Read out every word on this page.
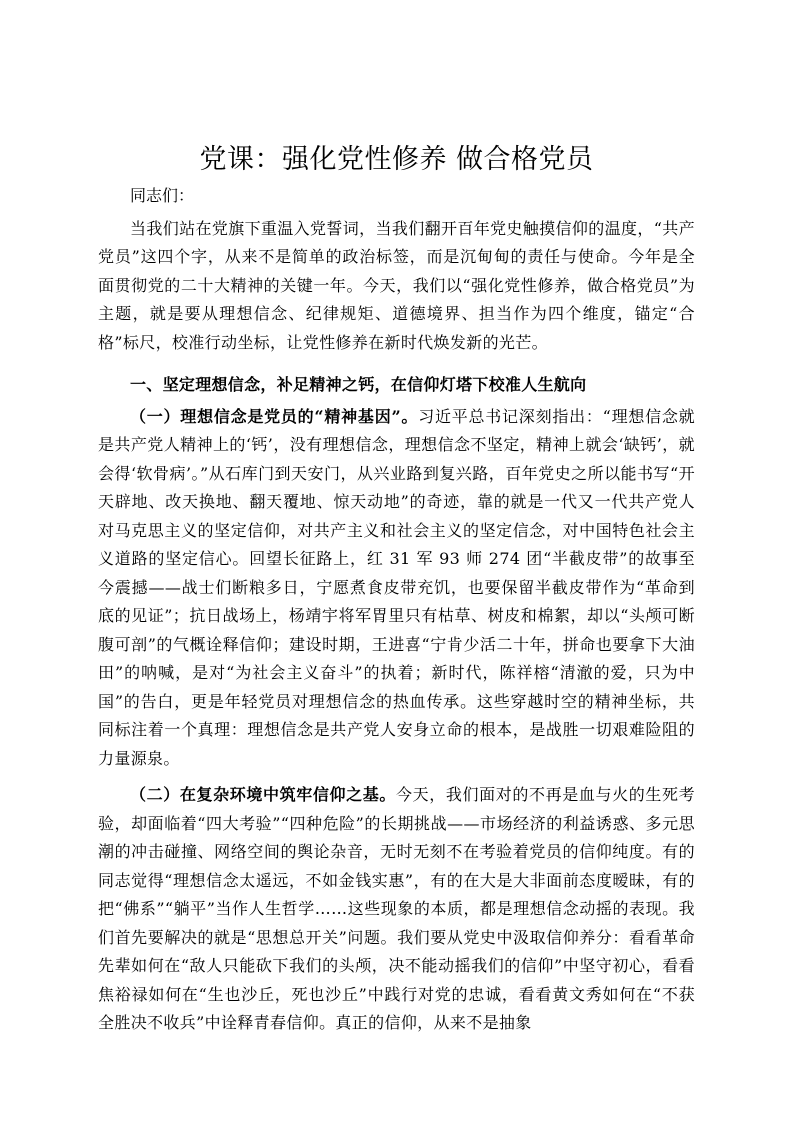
党课：强化党性修养 做合格党员

同志们：

当我们站在党旗下重温入党誓词，当我们翻开百年党史触摸信仰的温度，“共产党员”这四个字，从来不是简单的政治标签，而是沉甸甸的责任与使命。今年是全面贯彻党的二十大精神的关键一年。今天，我们以“强化党性修养，做合格党员”为主题，就是要从理想信念、纪律规矩、道德境界、担当作为四个维度，锚定“合格”标尺，校准行动坐标，让党性修养在新时代焕发新的光芒。

一、坚定理想信念，补足精神之钙，在信仰灯塔下校准人生航向

（一）理想信念是党员的“精神基因”。习近平总书记深刻指出：“理想信念就是共产党人精神上的‘钙’，没有理想信念，理想信念不坚定，精神上就会‘缺钙’，就会得‘软骨病’。”从石库门到天安门，从兴业路到复兴路，百年党史之所以能书写“开天辟地、改天换地、翻天覆地、惊天动地”的奇迹，靠的就是一代又一代共产党人对马克思主义的坚定信仰，对共产主义和社会主义的坚定信念，对中国特色社会主义道路的坚定信心。回望长征路上，红 31 军 93 师 274 团“半截皮带”的故事至今震撼——战士们断粮多日，宁愿煮食皮带充饥，也要保留半截皮带作为“革命到底的见证”；抗日战场上，杨靖宇将军胃里只有枯草、树皮和棉絮，却以“头颅可断腹可剖”的气概诠释信仰；建设时期，王进喜“宁肯少活二十年，拼命也要拿下大油田”的呐喊，是对“为社会主义奋斗”的执着；新时代，陈祥榕“清澈的爱，只为中国”的告白，更是年轻党员对理想信念的热血传承。这些穿越时空的精神坐标，共同标注着一个真理：理想信念是共产党人安身立命的根本，是战胜一切艰难险阻的力量源泉。

（二）在复杂环境中筑牢信仰之基。今天，我们面对的不再是血与火的生死考验，却面临着“四大考验”“四种危险”的长期挑战——市场经济的利益诱惑、多元思潮的冲击碰撞、网络空间的舆论杂音，无时无刻不在考验着党员的信仰纯度。有的同志觉得“理想信念太遥远，不如金钱实惠”，有的在大是大非面前态度暧昧，有的把“佛系”“躺平”当作人生哲学……这些现象的本质，都是理想信念动摇的表现。我们首先要解决的就是“思想总开关”问题。我们要从党史中汲取信仰养分：看看革命先辈如何在“敌人只能砍下我们的头颅，决不能动摇我们的信仰”中坚守初心，看看焦裕禄如何在“生也沙丘，死也沙丘”中践行对党的忠诚，看看黄文秀如何在“不获全胜决不收兵”中诠释青春信仰。真正的信仰，从来不是抽象
